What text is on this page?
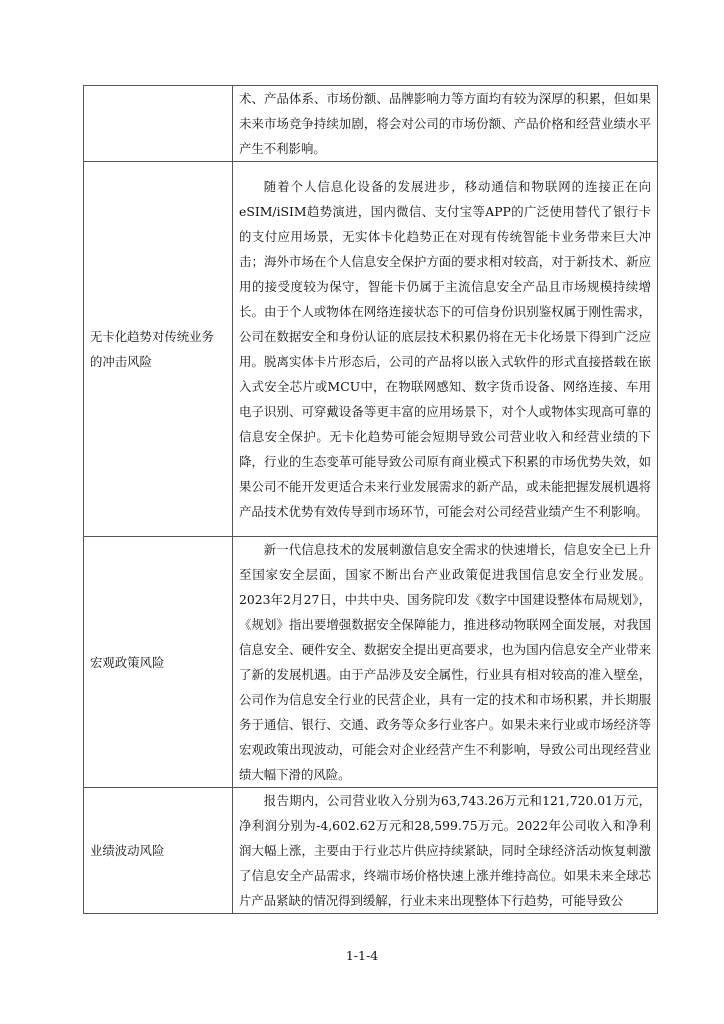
	术、产品体系、市场份额、品牌影响力等方面均有较为深厚的积累，但如果未来市场竞争持续加剧，将会对公司的市场份额、产品价格和经营业绩水平产生不利影响。

无卡化趋势对传统业务的冲击风险	随着个人信息化设备的发展进步，移动通信和物联网的连接正在向eSIM/iSIM趋势演进，国内微信、支付宝等APP的广泛使用替代了银行卡的支付应用场景，无实体卡化趋势正在对现有传统智能卡业务带来巨大冲击；海外市场在个人信息安全保护方面的要求相对较高，对于新技术、新应用的接受度较为保守，智能卡仍属于主流信息安全产品且市场规模持续增长。由于个人或物体在网络连接状态下的可信身份识别鉴权属于刚性需求，公司在数据安全和身份认证的底层技术积累仍将在无卡化场景下得到广泛应用。脱离实体卡片形态后，公司的产品将以嵌入式软件的形式直接搭载在嵌入式安全芯片或MCU中，在物联网感知、数字货币设备、网络连接、车用电子识别、可穿戴设备等更丰富的应用场景下，对个人或物体实现高可靠的信息安全保护。无卡化趋势可能会短期导致公司营业收入和经营业绩的下降，行业的生态变革可能导致公司原有商业模式下积累的市场优势失效，如果公司不能开发更适合未来行业发展需求的新产品，或未能把握发展机遇将产品技术优势有效传导到市场环节，可能会对公司经营业绩产生不利影响。

宏观政策风险	新一代信息技术的发展刺激信息安全需求的快速增长，信息安全已上升至国家安全层面，国家不断出台产业政策促进我国信息安全行业发展。2023年2月27日，中共中央、国务院印发《数字中国建设整体布局规划》，《规划》指出要增强数据安全保障能力，推进移动物联网全面发展，对我国信息安全、硬件安全、数据安全提出更高要求，也为国内信息安全产业带来了新的发展机遇。由于产品涉及安全属性，行业具有相对较高的准入壁垒，公司作为信息安全行业的民营企业，具有一定的技术和市场积累，并长期服务于通信、银行、交通、政务等众多行业客户。如果未来行业或市场经济等宏观政策出现波动，可能会对企业经营产生不利影响，导致公司出现经营业绩大幅下滑的风险。

业绩波动风险	报告期内，公司营业收入分别为63,743.26万元和121,720.01万元，净利润分别为-4,602.62万元和28,599.75万元。2022年公司收入和净利润大幅上涨，主要由于行业芯片供应持续紧缺，同时全球经济活动恢复刺激了信息安全产品需求，终端市场价格快速上涨并维持高位。如果未来全球芯片产品紧缺的情况得到缓解，行业未来出现整体下行趋势，可能导致公

1-1-4
